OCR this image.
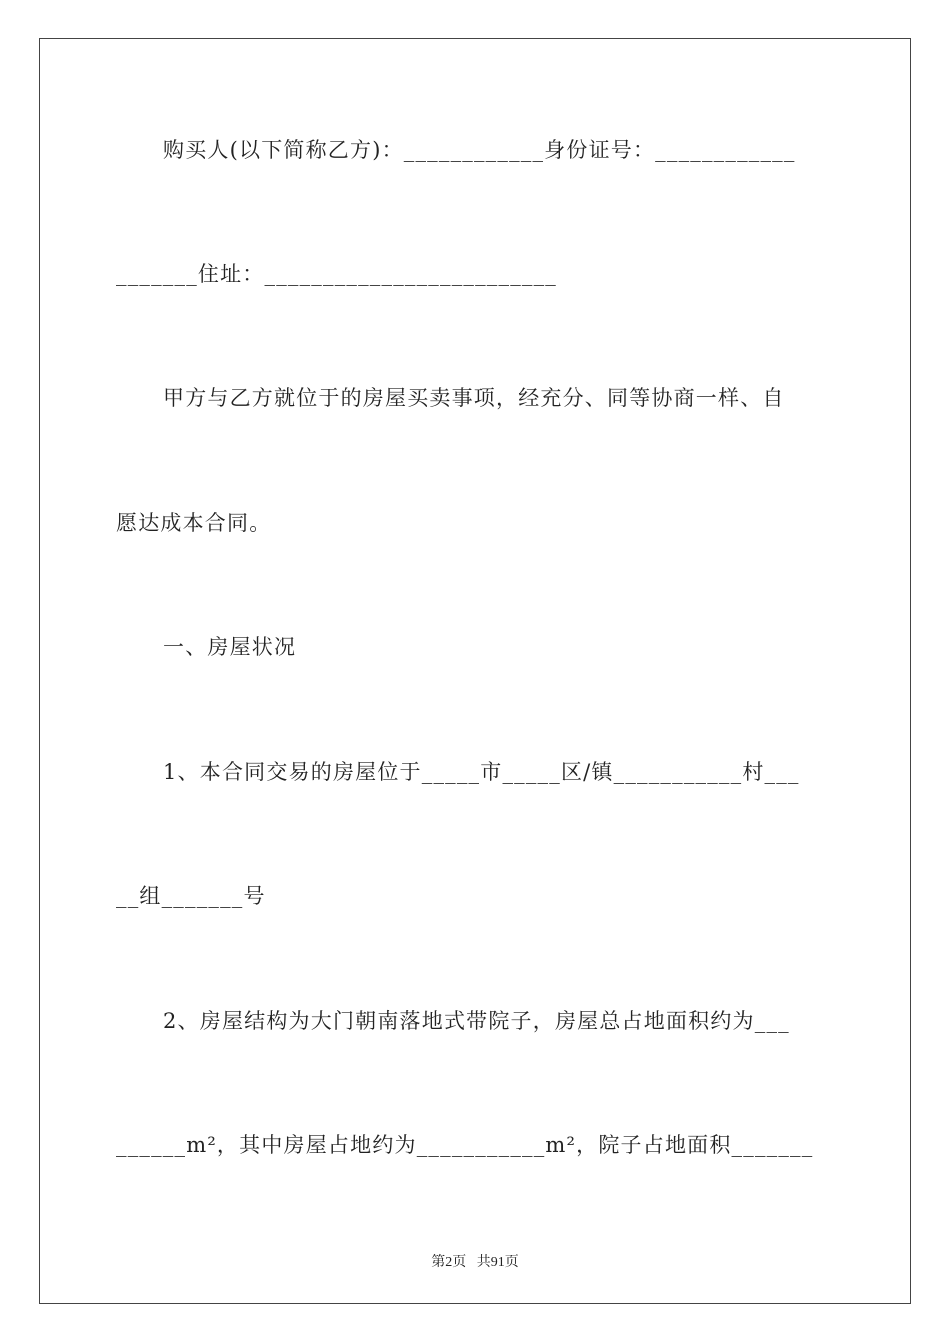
购买人(以下简称乙方)：____________身份证号：____________
_______住址：_________________________
甲方与乙方就位于的房屋买卖事项，经充分、同等协商一样、自
愿达成本合同。
一、房屋状况
1、本合同交易的房屋位于_____市_____区/镇___________村___
__组_______号
2、房屋结构为大门朝南落地式带院子，房屋总占地面积约为___
______m²，其中房屋占地约为___________m²，院子占地面积_______
第2页 共91页
